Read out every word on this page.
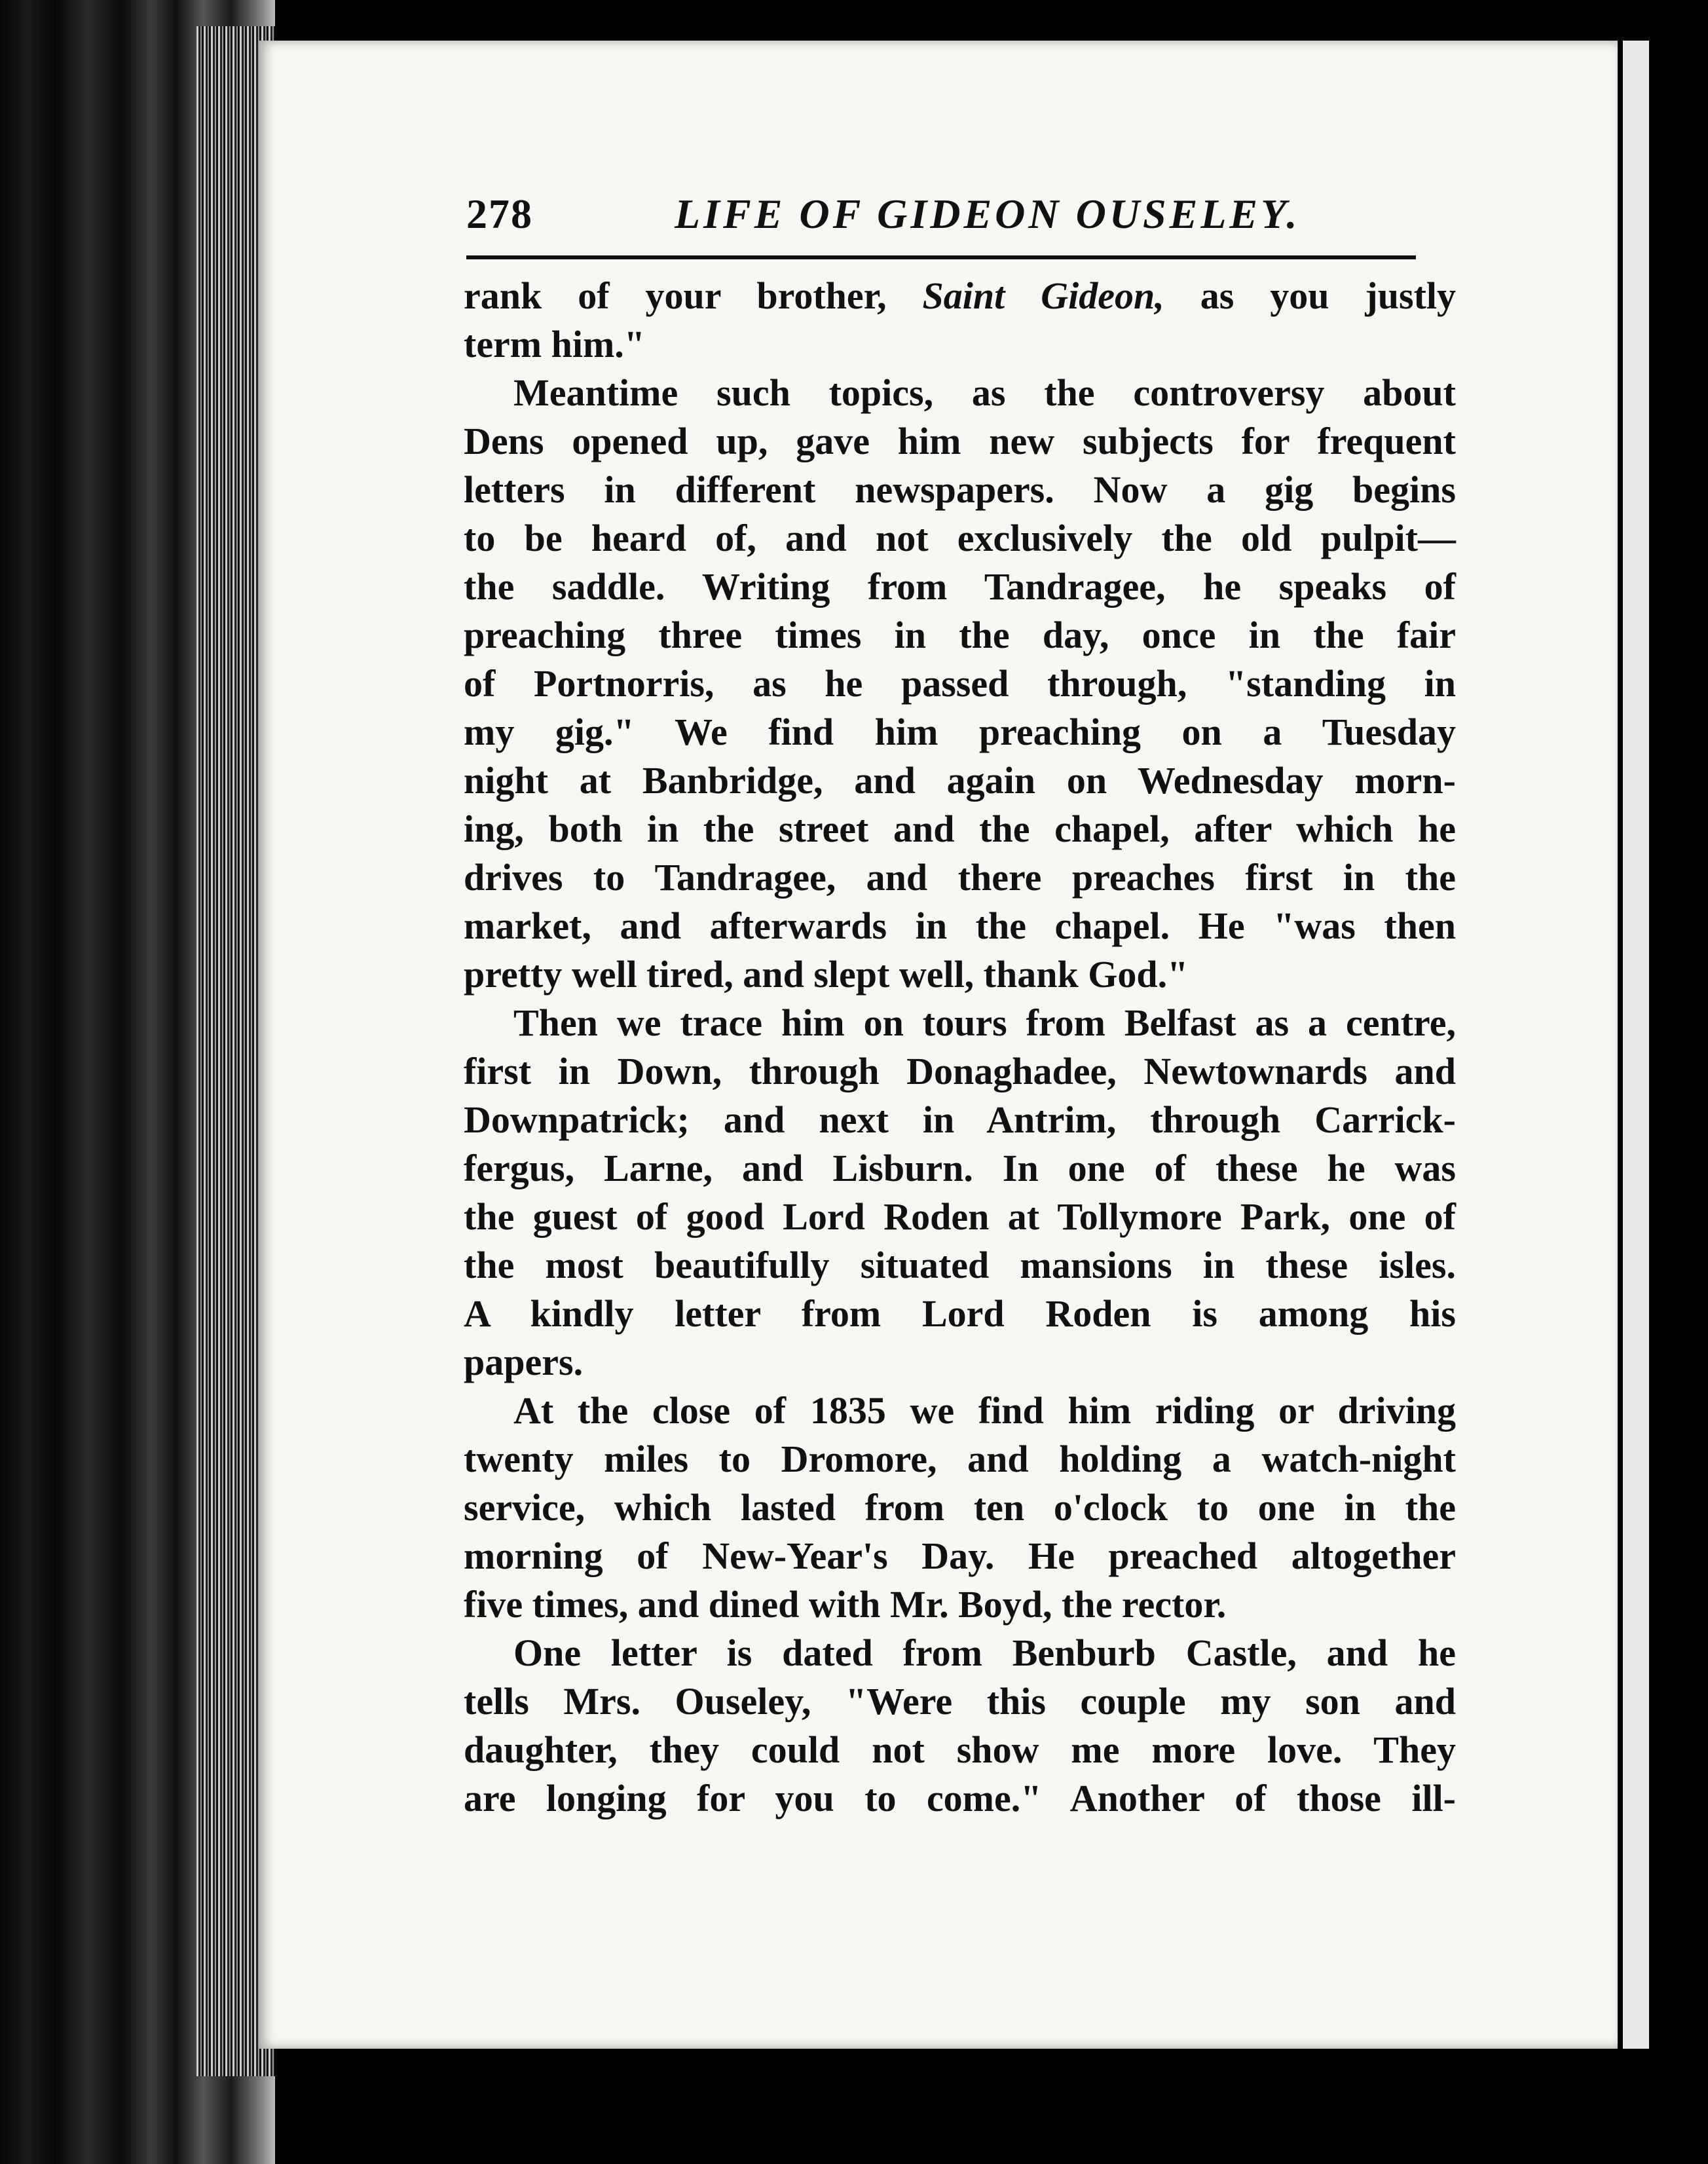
278	LIFE OF GIDEON OUSELEY.
rank of your brother, Saint Gideon, as you justly
term him."
Meantime such topics, as the controversy about
Dens opened up, gave him new subjects for frequent
letters in different newspapers. Now a gig begins
to be heard of, and not exclusively the old pulpit—
the saddle. Writing from Tandragee, he speaks of
preaching three times in the day, once in the fair
of Portnorris, as he passed through, "standing in
my gig." We find him preaching on a Tuesday
night at Banbridge, and again on Wednesday morn-
ing, both in the street and the chapel, after which he
drives to Tandragee, and there preaches first in the
market, and afterwards in the chapel. He "was then
pretty well tired, and slept well, thank God."
Then we trace him on tours from Belfast as a centre,
first in Down, through Donaghadee, Newtownards and
Downpatrick; and next in Antrim, through Carrick-
fergus, Larne, and Lisburn. In one of these he was
the guest of good Lord Roden at Tollymore Park, one of
the most beautifully situated mansions in these isles.
A kindly letter from Lord Roden is among his
papers.
At the close of 1835 we find him riding or driving
twenty miles to Dromore, and holding a watch-night
service, which lasted from ten o'clock to one in the
morning of New-Year's Day. He preached altogether
five times, and dined with Mr. Boyd, the rector.
One letter is dated from Benburb Castle, and he
tells Mrs. Ouseley, "Were this couple my son and
daughter, they could not show me more love. They
are longing for you to come." Another of those ill-
